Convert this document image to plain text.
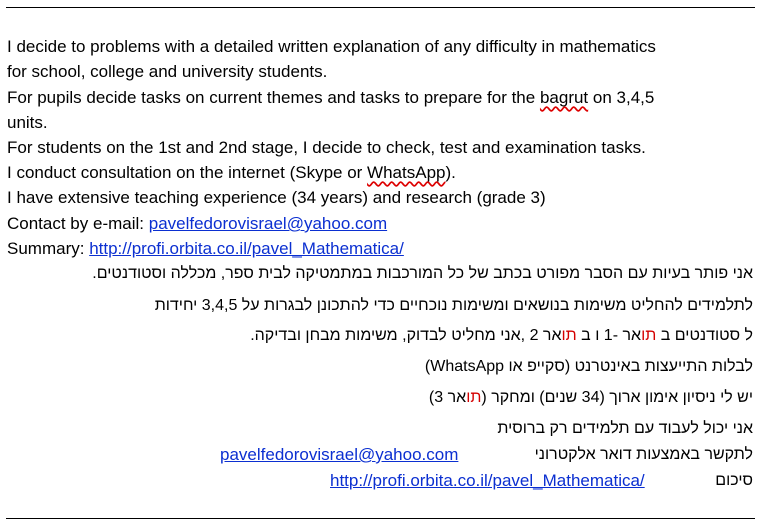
I decide to problems with a detailed written explanation of any difficulty in mathematics
for school, college and university students.
For pupils decide tasks on current themes and tasks to prepare for the bagrut on 3,4,5
units.
For students on the 1st and 2nd stage, I decide to check, test and examination tasks.
I conduct consultation on the internet (Skype or WhatsApp).
I have extensive teaching experience (34 years) and research (grade 3)
Contact by e-mail: pavelfedorovisrael@yahoo.com
Summary: http://profi.orbita.co.il/pavel_Mathematica/
אני פותר בעיות עם הסבר מפורט בכתב של כל המורכבות במתמטיקה לבית ספר, מכללה וסטודנטים.
לתלמידים להחליט משימות בנושאים ומשימות נוכחיים כדי להתכונן לבגרות על 3,4,5 יחידות
ל סטודנטים ב תואר -1 ו ב תואר 2 ,אני מחליט לבדוק, משימות מבחן ובדיקה.
לבלות התייעצות באינטרנט (סקייפ או WhatsApp)
יש לי ניסיון אימון ארוך (34 שנים) ומחקר (תואר 3)
אני יכול לעבוד עם תלמידים רק ברוסית
לתקשר באמצעות דואר אלקטרוני
pavelfedorovisrael@yahoo.com
סיכום
http://profi.orbita.co.il/pavel_Mathematica/
